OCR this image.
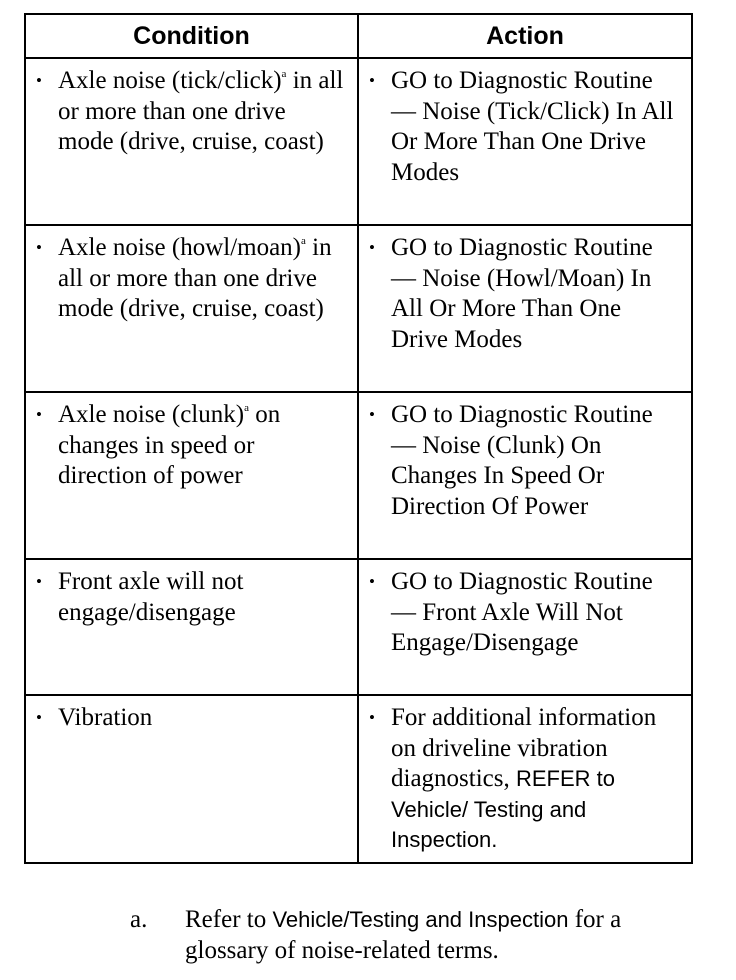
Condition	Action

• Axle noise (tick/click)$^a$ in all or more than one drive mode (drive, cruise, coast)	• GO to Diagnostic Routine — Noise (Tick/Click) In All Or More Than One Drive Modes

• Axle noise (howl/moan)$^a$ in all or more than one drive mode (drive, cruise, coast)	• GO to Diagnostic Routine — Noise (Howl/Moan) In All Or More Than One Drive Modes

• Axle noise (clunk)$^a$ on changes in speed or direction of power	• GO to Diagnostic Routine — Noise (Clunk) On Changes In Speed Or Direction Of Power

• Front axle will not engage/disengage	• GO to Diagnostic Routine — Front Axle Will Not Engage/Disengage

• Vibration	• For additional information on driveline vibration diagnostics, REFER to Vehicle/ Testing and Inspection.
a.	Refer to Vehicle/Testing and Inspection for a glossary of noise-related terms.
